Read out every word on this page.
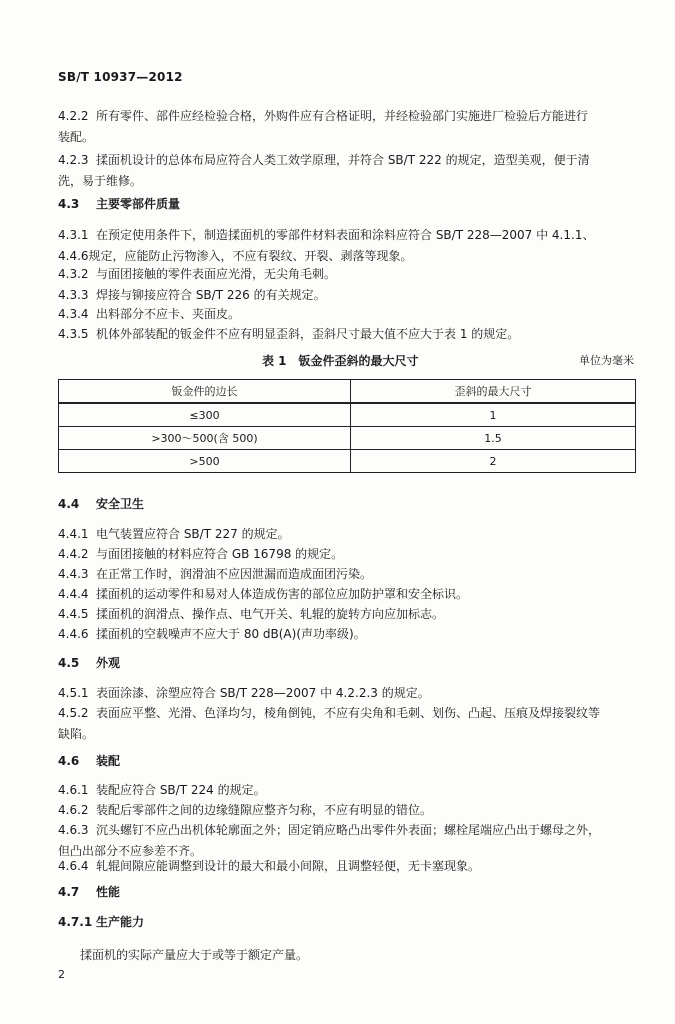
SB/T 10937—2012
4.2.2 所有零件、部件应经检验合格，外购件应有合格证明，并经检验部门实施进厂检验后方能进行
装配。
4.2.3 揉面机设计的总体布局应符合人类工效学原理，并符合 SB/T 222 的规定，造型美观，便于清
洗，易于维修。
4.3 主要零部件质量
4.3.1 在预定使用条件下，制造揉面机的零部件材料表面和涂料应符合 SB/T 228—2007 中 4.1.1、
4.4.6规定，应能防止污物渗入，不应有裂纹、开裂、剥落等现象。
4.3.2 与面团接触的零件表面应光滑，无尖角毛刺。
4.3.3 焊接与铆接应符合 SB/T 226 的有关规定。
4.3.4 出料部分不应卡、夹面皮。
4.3.5 机体外部装配的钣金件不应有明显歪斜，歪斜尺寸最大值不应大于表 1 的规定。
表 1　钣金件歪斜的最大尺寸	单位为毫米
钣金件的边长	歪斜的最大尺寸
≤300	1
>300～500(含 500)	1.5
>500	2
4.4 安全卫生
4.4.1 电气装置应符合 SB/T 227 的规定。
4.4.2 与面团接触的材料应符合 GB 16798 的规定。
4.4.3 在正常工作时，润滑油不应因泄漏而造成面团污染。
4.4.4 揉面机的运动零件和易对人体造成伤害的部位应加防护罩和安全标识。
4.4.5 揉面机的润滑点、操作点、电气开关、轧辊的旋转方向应加标志。
4.4.6 揉面机的空载噪声不应大于 80 dB(A)(声功率级)。
4.5 外观
4.5.1 表面涂漆、涂塑应符合 SB/T 228—2007 中 4.2.2.3 的规定。
4.5.2 表面应平整、光滑、色泽均匀，棱角倒钝，不应有尖角和毛刺、划伤、凸起、压痕及焊接裂纹等
缺陷。
4.6 装配
4.6.1 装配应符合 SB/T 224 的规定。
4.6.2 装配后零部件之间的边缘缝隙应整齐匀称，不应有明显的错位。
4.6.3 沉头螺钉不应凸出机体轮廓面之外；固定销应略凸出零件外表面；螺栓尾端应凸出于螺母之外，
但凸出部分不应参差不齐。
4.6.4 轧辊间隙应能调整到设计的最大和最小间隙，且调整轻便，无卡塞现象。
4.7 性能
4.7.1 生产能力
揉面机的实际产量应大于或等于额定产量。
2
